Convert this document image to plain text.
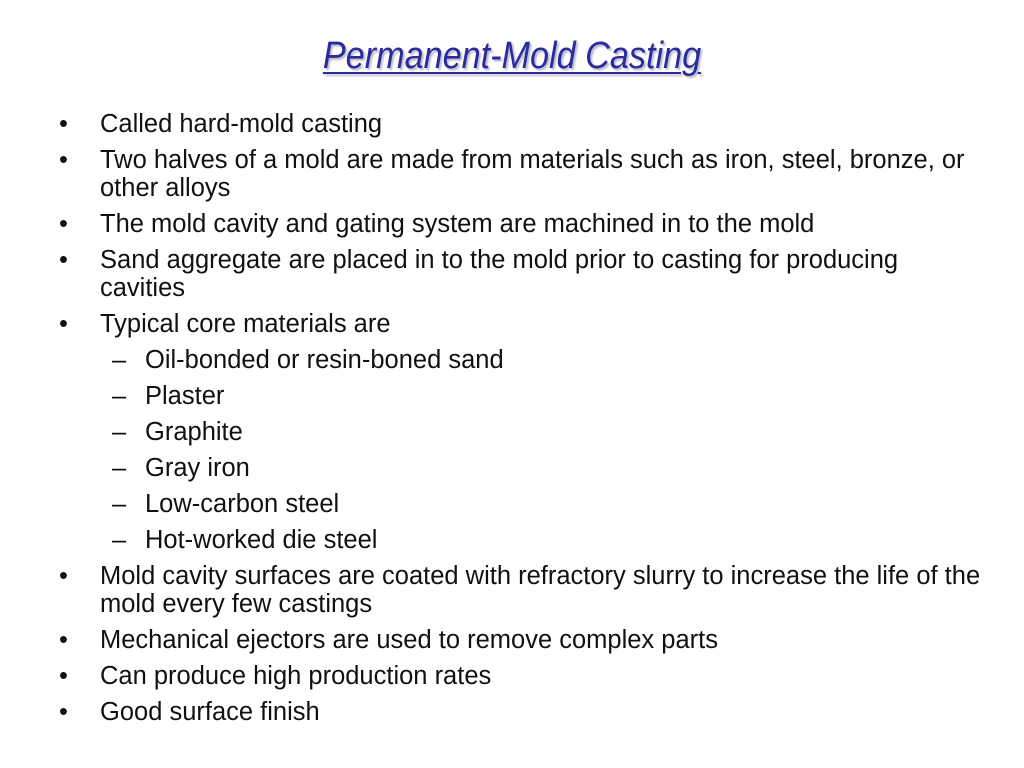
Permanent-Mold Casting
• Called hard-mold casting
• Two halves of a mold are made from materials such as iron, steel, bronze, or other alloys
• The mold cavity and gating system are machined in to the mold
• Sand aggregate are placed in to the mold prior to casting for producing cavities
• Typical core materials are
– Oil-bonded or resin-boned sand
– Plaster
– Graphite
– Gray iron
– Low-carbon steel
– Hot-worked die steel
• Mold cavity surfaces are coated with refractory slurry to increase the life of the mold every few castings
• Mechanical ejectors are used to remove complex parts
• Can produce high production rates
• Good surface finish
